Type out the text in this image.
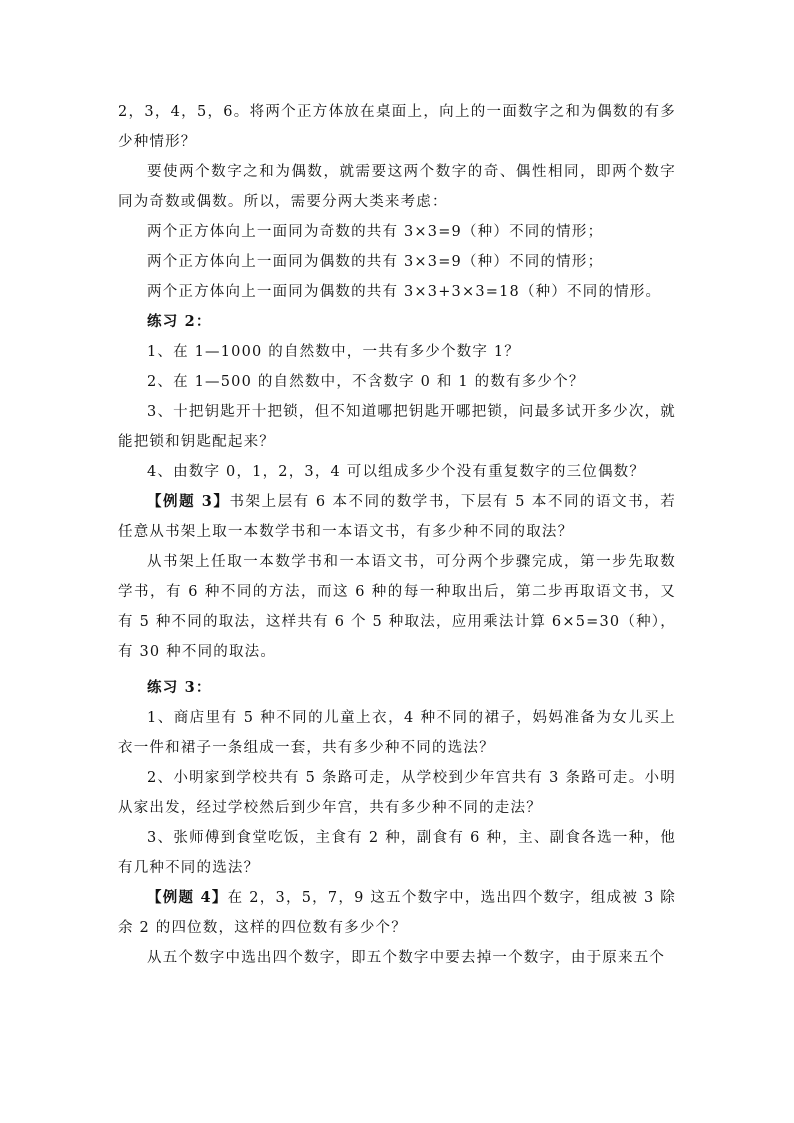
2，3，4，5，6。将两个正方体放在桌面上，向上的一面数字之和为偶数的有多少种情形？

要使两个数字之和为偶数，就需要这两个数字的奇、偶性相同，即两个数字同为奇数或偶数。所以，需要分两大类来考虑：

两个正方体向上一面同为奇数的共有 3×3=9（种）不同的情形；

两个正方体向上一面同为偶数的共有 3×3=9（种）不同的情形；

两个正方体向上一面同为偶数的共有 3×3+3×3=18（种）不同的情形。

练习 2：

1、在 1—1000 的自然数中，一共有多少个数字 1？

2、在 1—500 的自然数中，不含数字 0 和 1 的数有多少个？

3、十把钥匙开十把锁，但不知道哪把钥匙开哪把锁，问最多试开多少次，就能把锁和钥匙配起来？

4、由数字 0，1，2，3，4 可以组成多少个没有重复数字的三位偶数？

【例题 3】书架上层有 6 本不同的数学书，下层有 5 本不同的语文书，若任意从书架上取一本数学书和一本语文书，有多少种不同的取法？

从书架上任取一本数学书和一本语文书，可分两个步骤完成，第一步先取数学书，有 6 种不同的方法，而这 6 种的每一种取出后，第二步再取语文书，又有 5 种不同的取法，这样共有 6 个 5 种取法，应用乘法计算 6×5=30（种），有 30 种不同的取法。

练习 3：

1、商店里有 5 种不同的儿童上衣，4 种不同的裙子，妈妈准备为女儿买上衣一件和裙子一条组成一套，共有多少种不同的选法？

2、小明家到学校共有 5 条路可走，从学校到少年宫共有 3 条路可走。小明从家出发，经过学校然后到少年宫，共有多少种不同的走法？

3、张师傅到食堂吃饭，主食有 2 种，副食有 6 种，主、副食各选一种，他有几种不同的选法？

【例题 4】在 2，3，5，7，9 这五个数字中，选出四个数字，组成被 3 除余 2 的四位数，这样的四位数有多少个？

从五个数字中选出四个数字，即五个数字中要去掉一个数字，由于原来五个
